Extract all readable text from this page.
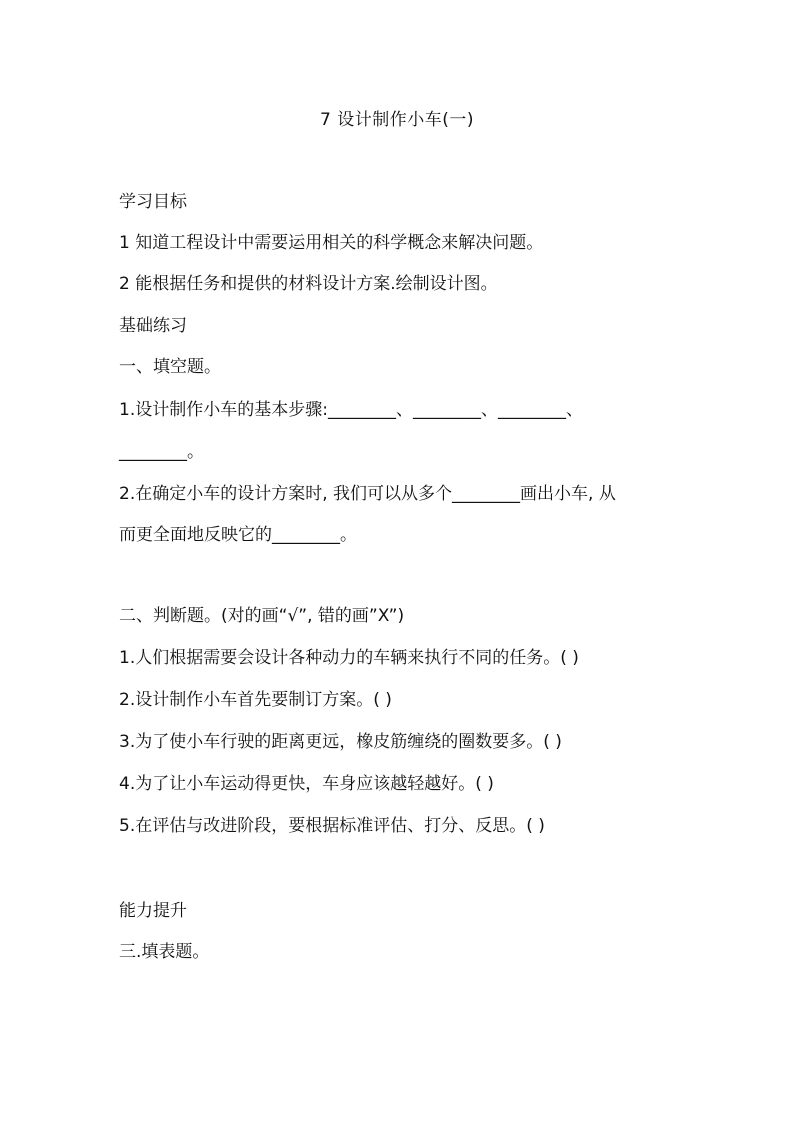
7 设计制作小车(一)
学习目标
1 知道工程设计中需要运用相关的科学概念来解决问题。
2 能根据任务和提供的材料设计方案.绘制设计图。
基础练习
一、填空题。
1.设计制作小车的基本步骤:________、________、________、
________。
2.在确定小车的设计方案时, 我们可以从多个________画出小车, 从
而更全面地反映它的________。
二、判断题。(对的画“√”, 错的画”X”)
1.人们根据需要会设计各种动力的车辆来执行不同的任务。( )
2.设计制作小车首先要制订方案。( )
3.为了使小车行驶的距离更远，橡皮筋缠绕的圈数要多。( )
4.为了让小车运动得更快，车身应该越轻越好。( )
5.在评估与改进阶段，要根据标准评估、打分、反思。( )
能力提升
三.填表题。
